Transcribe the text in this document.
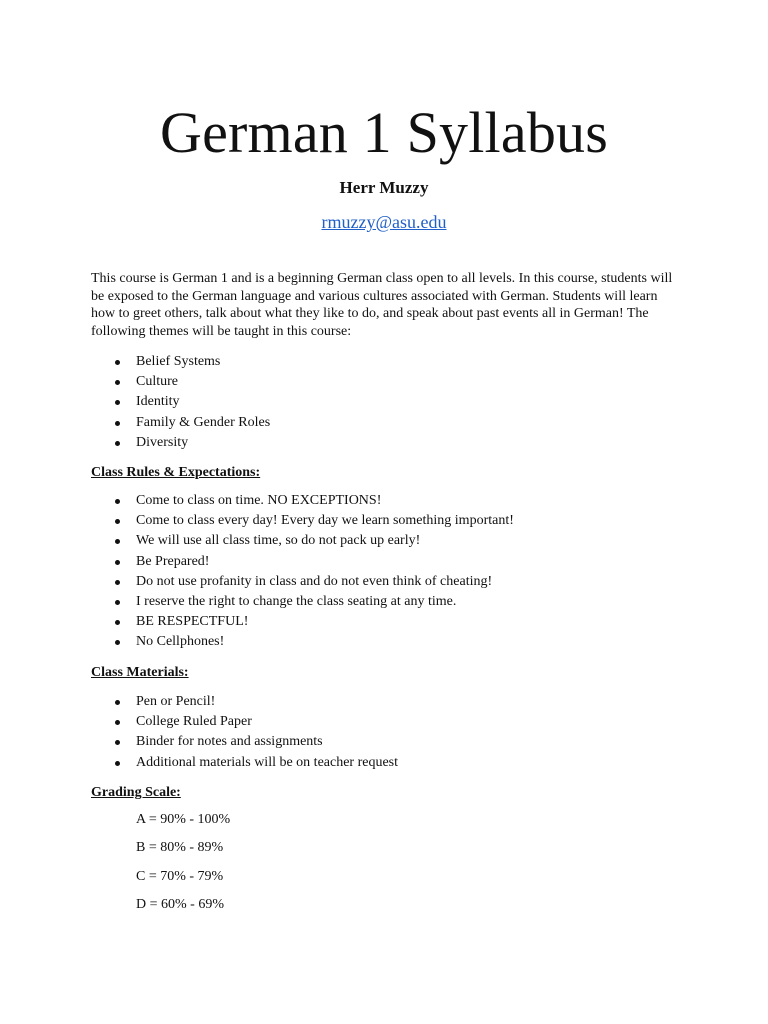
German 1 Syllabus
Herr Muzzy
rmuzzy@asu.edu

This course is German 1 and is a beginning German class open to all levels. In this course, students will be exposed to the German language and various cultures associated with German. Students will learn how to greet others, talk about what they like to do, and speak about past events all in German! The following themes will be taught in this course:

Belief Systems
Culture
Identity
Family & Gender Roles
Diversity
Class Rules & Expectations:
Come to class on time. NO EXCEPTIONS!
Come to class every day! Every day we learn something important!
We will use all class time, so do not pack up early!
Be Prepared!
Do not use profanity in class and do not even think of cheating!
I reserve the right to change the class seating at any time.
BE RESPECTFUL!
No Cellphones!
Class Materials:
Pen or Pencil!
College Ruled Paper
Binder for notes and assignments
Additional materials will be on teacher request
Grading Scale:
A = 90% - 100%
B = 80% - 89%
C = 70% - 79%
D = 60% - 69%
